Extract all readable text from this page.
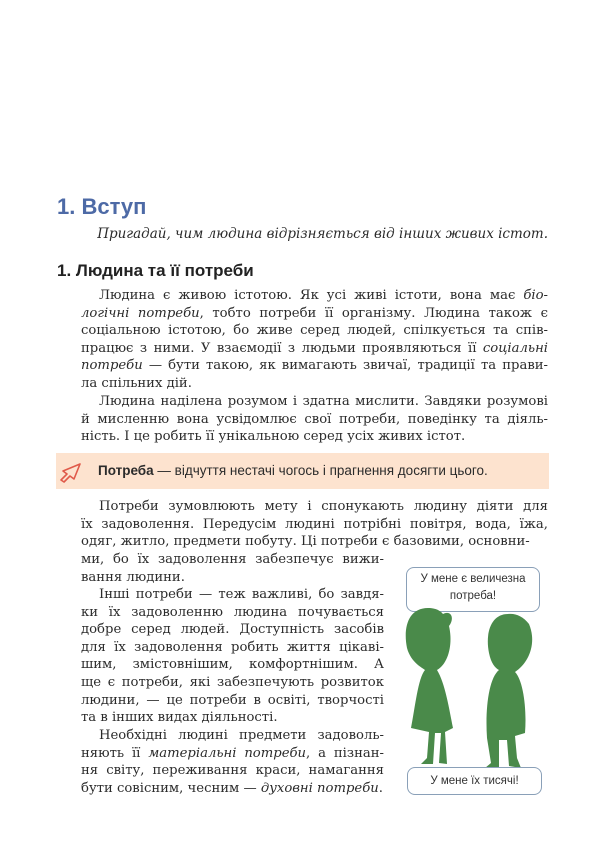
1. Вступ
Пригадай, чим людина відрізняється від інших живих істот.
1. Людина та її потреби
Людина є живою істотою. Як усі живі істоти, вона має біо-
логічні потреби, тобто потреби її організму. Людина також є
соціальною істотою, бо живе серед людей, спілкується та спів-
працює з ними. У взаємодії з людьми проявляються її соціальні
потреби — бути такою, як вимагають звичаї, традиції та прави-
ла спільних дій.
Людина наділена розумом і здатна мислити. Завдяки розумові
й мисленню вона усвідомлює свої потреби, поведінку та діяль-
ність. І це робить її унікальною серед усіх живих істот.
Потреба — відчуття нестачі чогось і прагнення досягти цього.
Потреби зумовлюють мету і спонукають людину діяти для
їх задоволення. Передусім людині потрібні повітря, вода, їжа,
одяг, житло, предмети побуту. Ці потреби є базовими, основни-
ми, бо їх задоволення забезпечує вижи-
вання людини.
Інші потреби — теж важливі, бо завдя-
ки їх задоволенню людина почувається
добре серед людей. Доступність засобів
для їх задоволення робить життя цікаві-
шим, змістовнішим, комфортнішим. А
ще є потреби, які забезпечують розвиток
людини, — це потреби в освіті, творчості
та в інших видах діяльності.
Необхідні людині предмети задоволь-
няють її матеріальні потреби, а пізнан-
ня світу, переживання краси, намагання
бути совісним, чесним — духовні потреби.
У мене є величезна потреба!
У мене їх тисячі!
